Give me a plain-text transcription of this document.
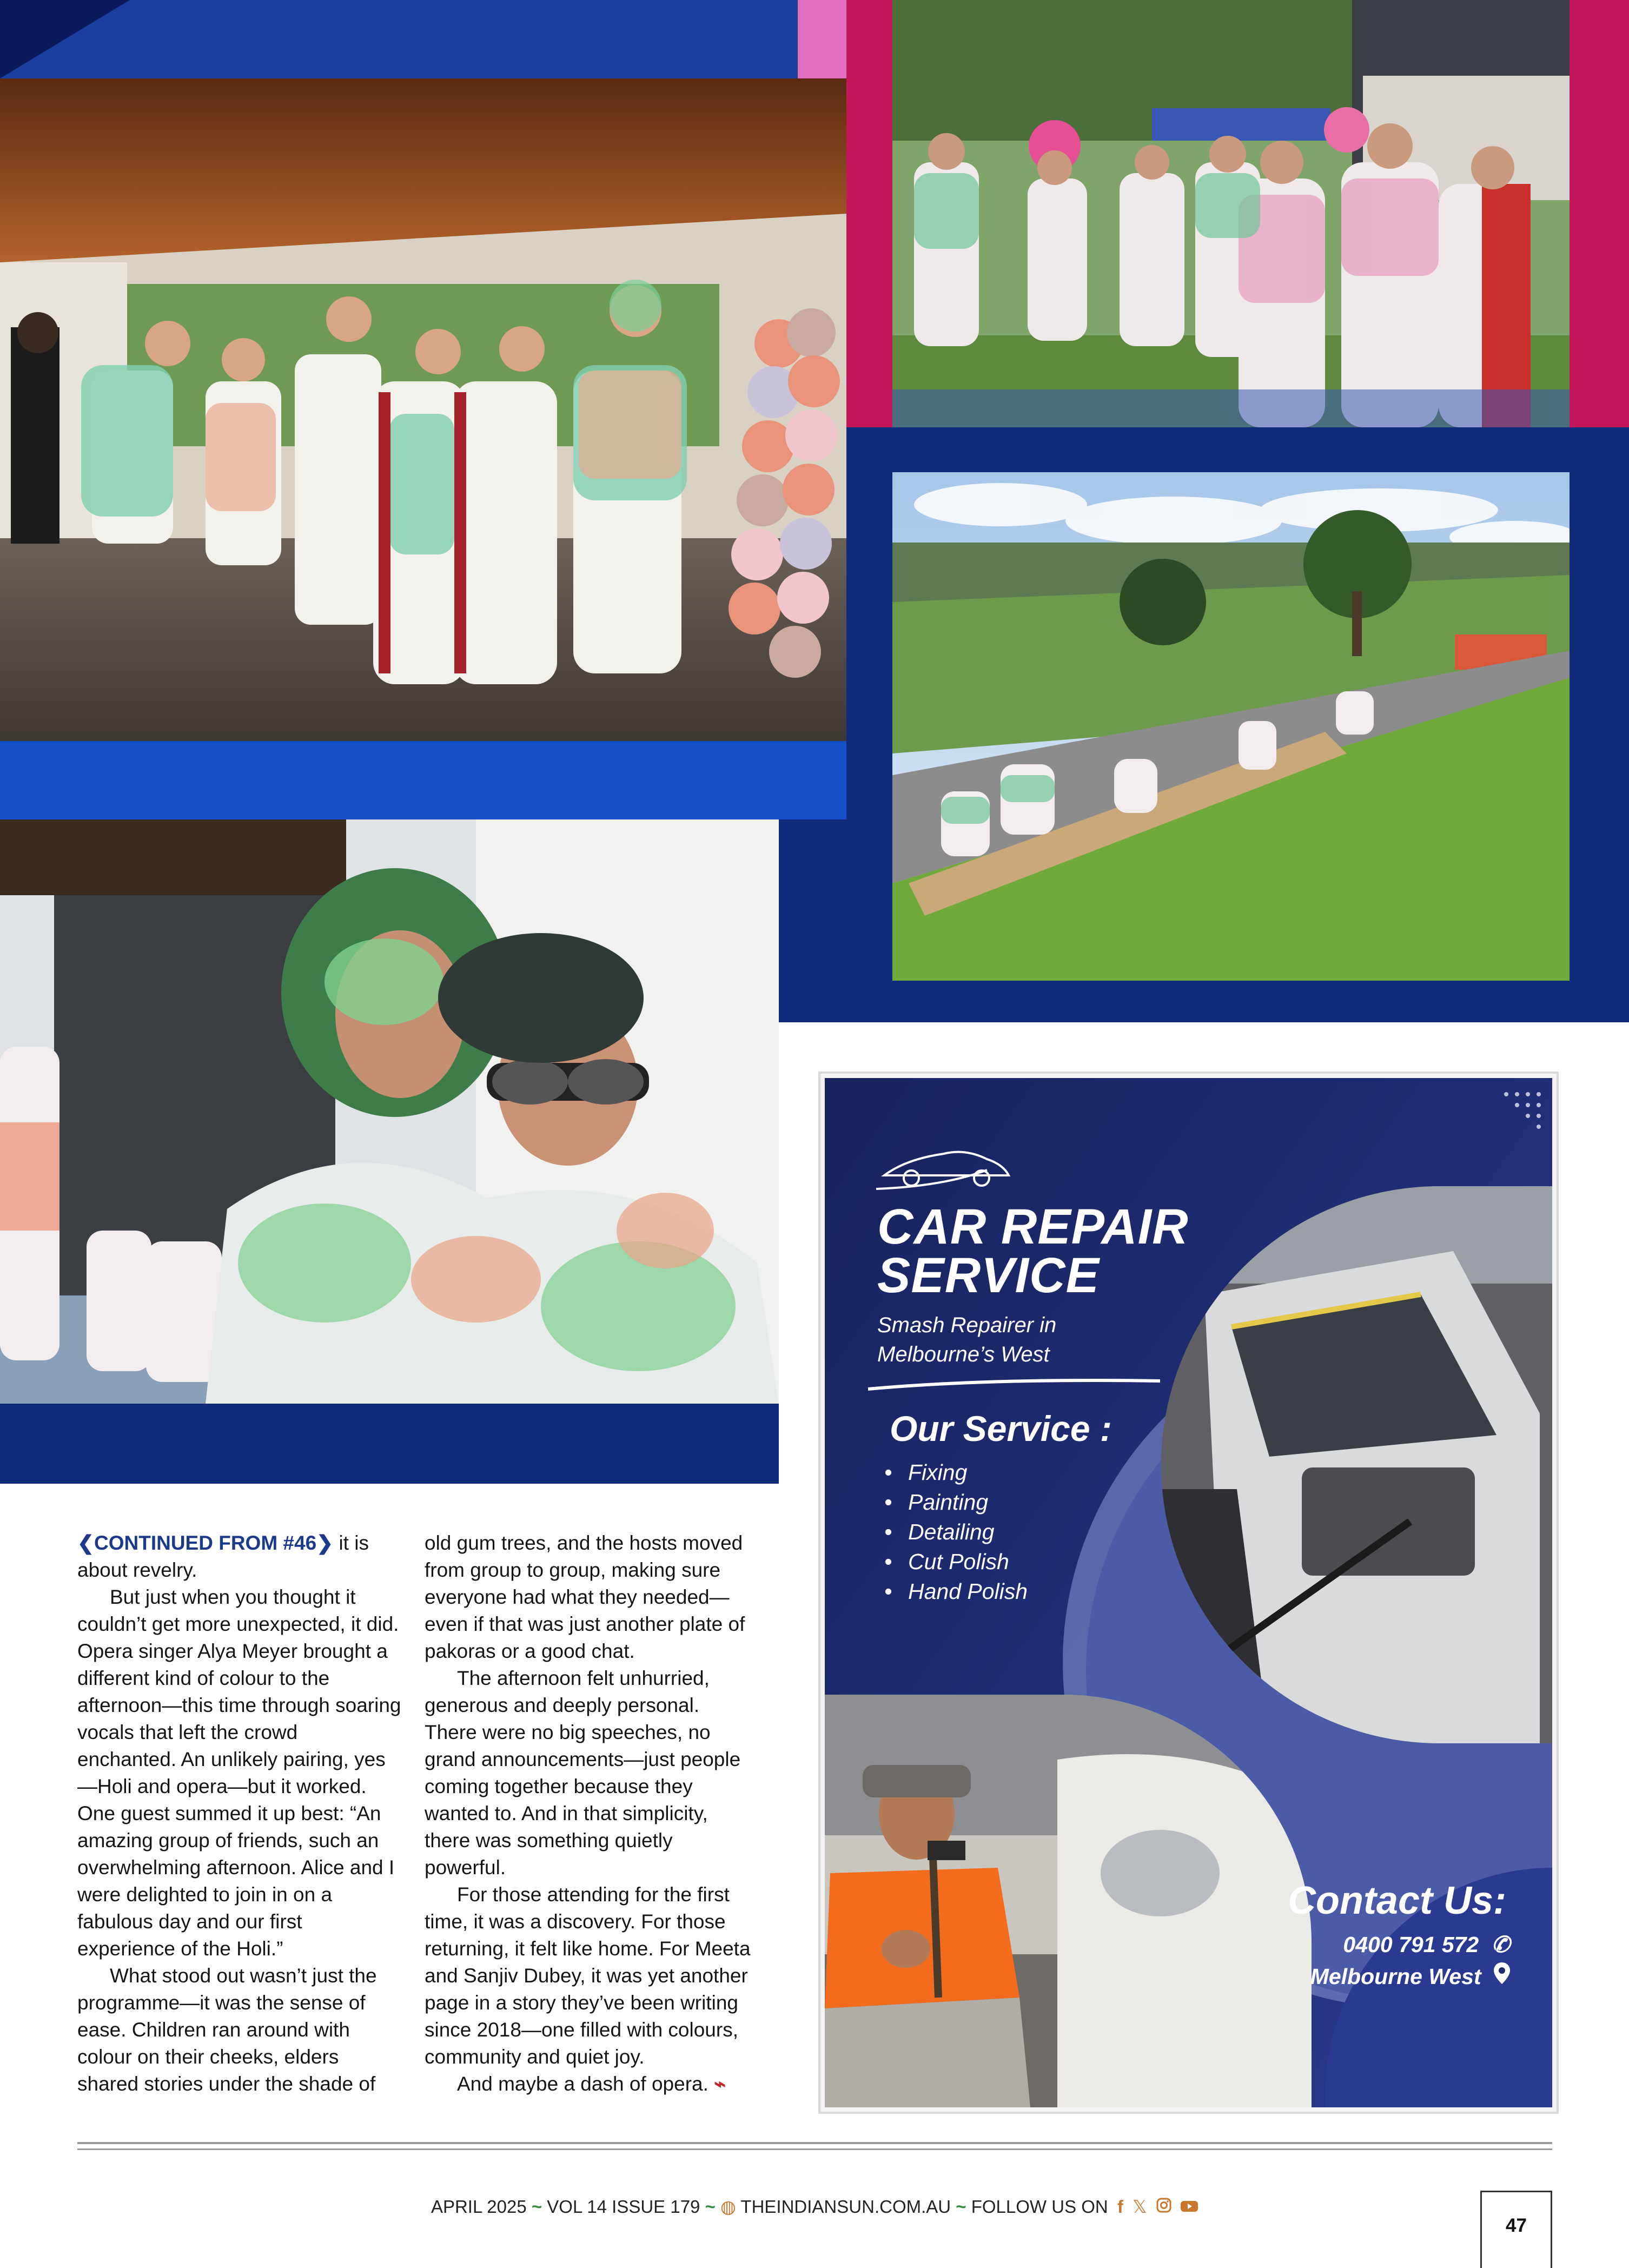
❮CONTINUED FROM #46❯ it is about revelry.

But just when you thought it couldn’t get more unexpected, it did. Opera singer Alya Meyer brought a different kind of colour to the afternoon—this time through soaring vocals that left the crowd enchanted. An unlikely pairing, yes—Holi and opera—but it worked. One guest summed it up best: “An amazing group of friends, such an overwhelming afternoon. Alice and I were delighted to join in on a fabulous day and our first experience of the Holi.”

What stood out wasn’t just the programme—it was the sense of ease. Children ran around with colour on their cheeks, elders shared stories under the shade of

old gum trees, and the hosts moved from group to group, making sure everyone had what they needed—even if that was just another plate of pakoras or a good chat.

The afternoon felt unhurried, generous and deeply personal. There were no big speeches, no grand announcements—just people coming together because they wanted to. And in that simplicity, there was something quietly powerful.

For those attending for the first time, it was a discovery. For those returning, it felt like home. For Meeta and Sanjiv Dubey, it was yet another page in a story they’ve been writing since 2018—one filled with colours, community and quiet joy.

And maybe a dash of opera. ⌁

CAR REPAIR
SERVICE
Smash Repairer in
Melbourne’s West
Our Service :
• Fixing
• Painting
• Detailing
• Cut Polish
• Hand Polish
Contact Us:
0400 791 572 ✆
Melbourne West
APRIL 2025 ~ VOL 14 ISSUE 179 ~ ◍ THEINDIANSUN.COM.AU ~ FOLLOW US ON f 𝕏
47
